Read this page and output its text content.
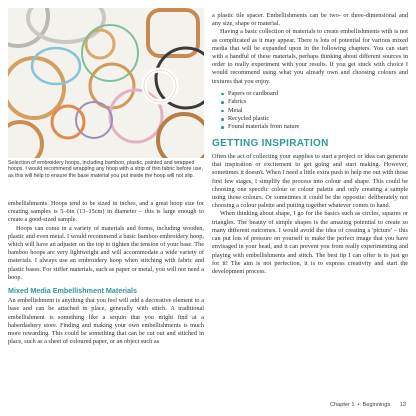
Selection of embroidery hoops, including bamboo, plastic, painted and wrapped hoops. I would recommend wrapping any hoop with a strip of thin fabric before use, as this will help to ensure the base material you put inside the hoop will not slip.

embellishments. Hoops tend to be sized in inches, and a great hoop size for creating samples is 5–6in (13–15cm) in diameter – this is large enough to create a good-sized sample.

Hoops can come in a variety of materials and forms, including wooden, plastic and even metal. I would recommend a basic bamboo embroidery hoop, which will have an adjuster on the top to tighten the tension of your base. The bamboo hoops are very lightweight and will accommodate a wide variety of materials. I always use an embroidery hoop when stitching with fabric and plastic bases. For stiffer materials, such as paper or metal, you will not need a hoop.

Mixed Media Embellishment Materials

An embellishment is anything that you feel will add a decorative element to a base and can be attached in place, generally with stitch. A traditional embellishment is something like a sequin that you might find at a haberdashery store. Finding and making your own embellishments is much more rewarding. This could be something that can be cut out and stitched in place, such as a sheet of coloured paper, or an object such as

a plastic tile spacer. Embellishments can be two- or three-dimensional and any size, shape or material.

Having a basic collection of materials to create embellishments with is not as complicated as it may appear. There is lots of potential for various mixed media that will be expanded upon in the following chapters. You can start with a handful of these materials, perhaps thinking about different sources in order to really experiment with your results. If you get stuck with choice I would recommend using what you already own and choosing colours and textures that you enjoy.

Papers or cardboard
Fabrics
Metal
Recycled plastic
Found materials from nature
GETTING INSPIRATION

Often the act of collecting your supplies to start a project or idea can generate that inspiration or excitement to get going and start making. However, sometimes it doesn't. When I need a little extra push to help me out with those first few stages, I simplify the process into colour and shape. This could be choosing one specific colour or colour palette and only creating a sample using those colours. Or sometimes it could be the opposite: deliberately not choosing a colour palette and putting together whatever comes to hand.

When thinking about shape, I go for the basics such as circles, squares or triangles. The beauty of simple shapes is the amazing potential to create so many different outcomes. I would avoid the idea of creating a 'picture' – this can put lots of pressure on yourself to make the perfect image that you have envisaged in your head, and it can prevent you from really experimenting and playing with embellishments and stitch. The best tip I can offer is to just go for it! The aim is not perfection, it is to express creativity and start the development process.

Chapter 1 • Beginnings 13
